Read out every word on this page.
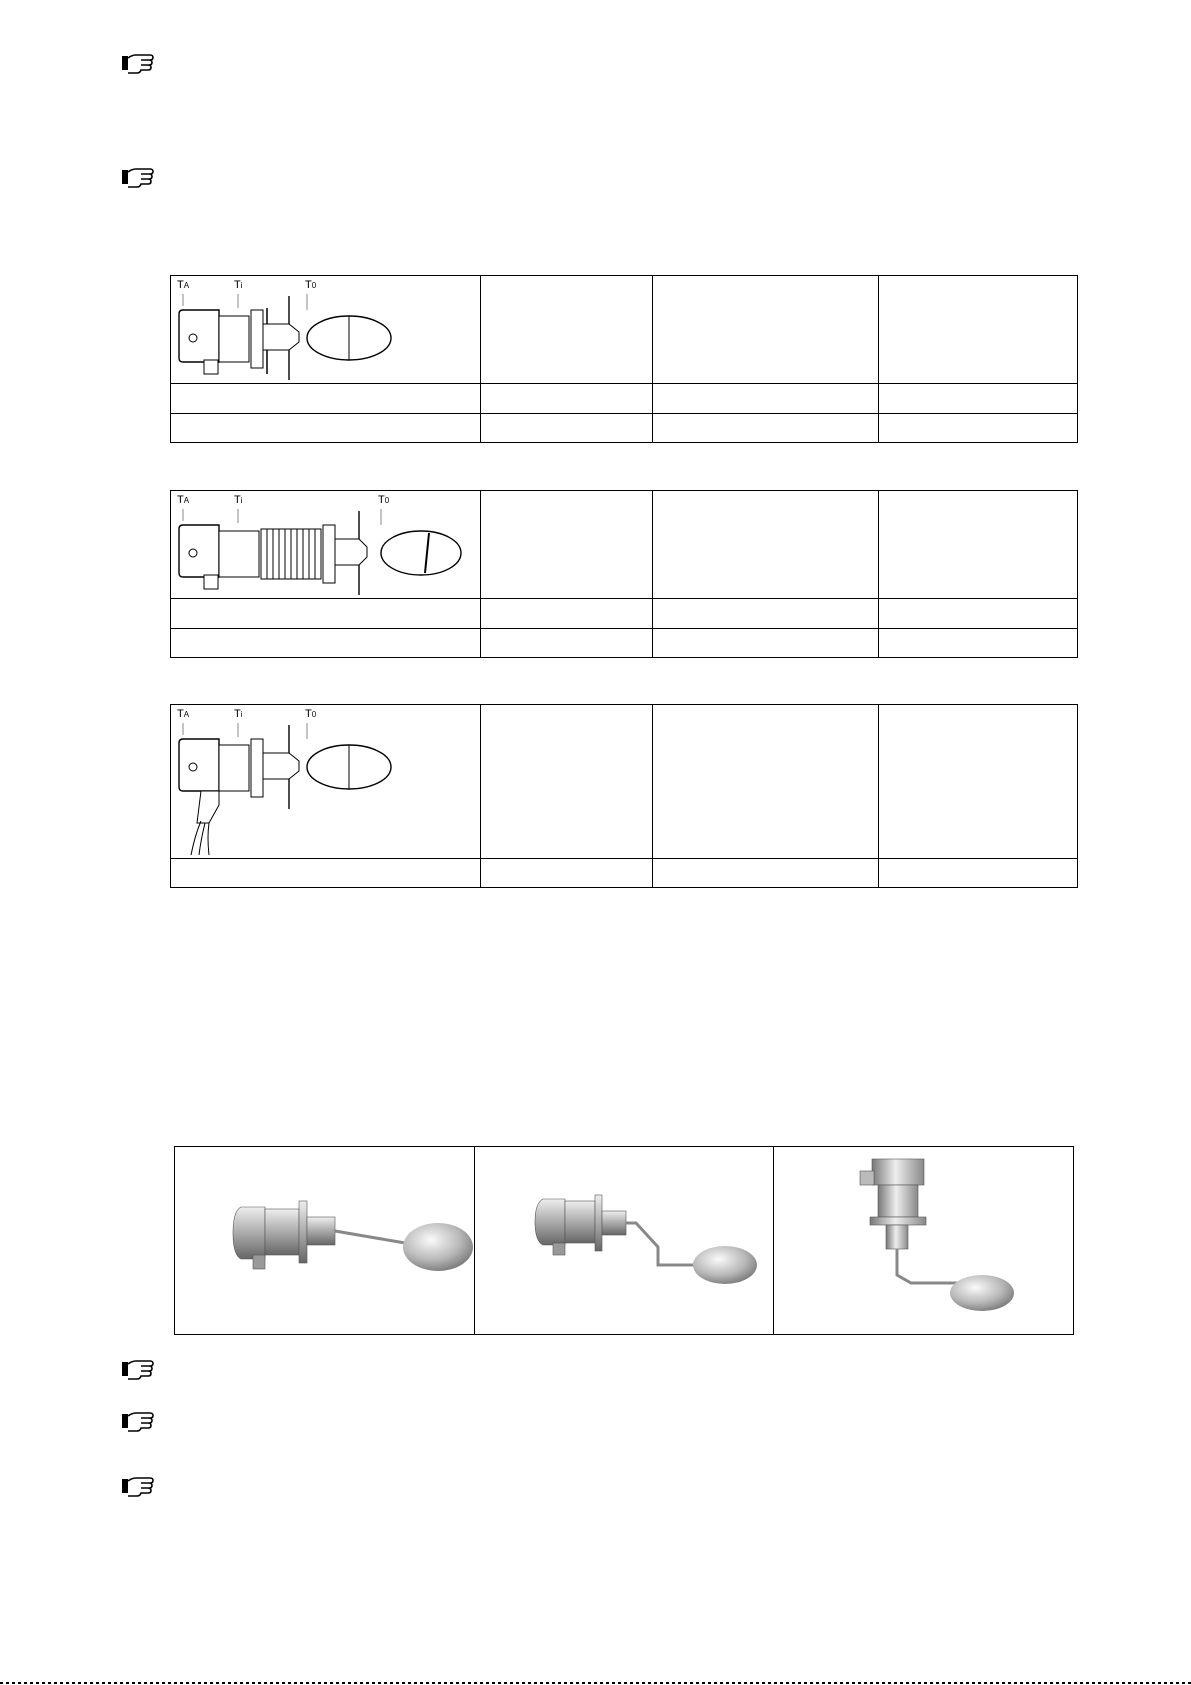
TA Ti T0			

TA Ti T0			

TA Ti T0			
